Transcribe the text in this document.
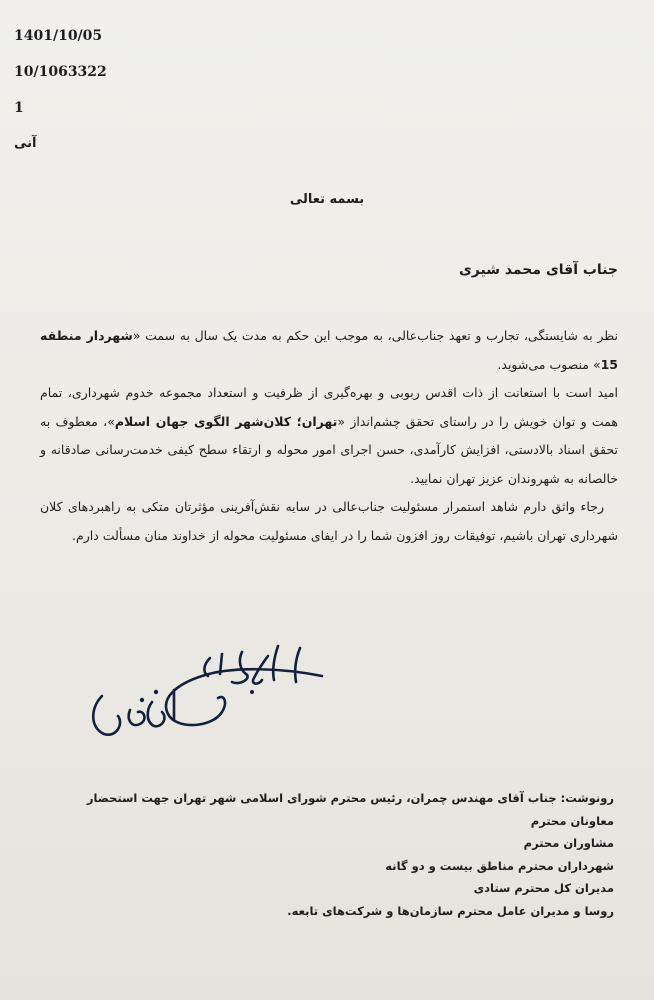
1401/10/05
10/1063322
1
آنی
بسمه تعالی
جناب آقای محمد شیری

نظر به شایستگی، تجارب و تعهد جناب‌عالی، به موجب این حکم به مدت یک سال به سمت «شهردار منطقه 15» منصوب می‌شوید.

امید است با استعانت از ذات اقدس ربوبی و بهره‌گیری از ظرفیت و استعداد مجموعه خدوم شهرداری، تمام همت و توان خویش را در راستای تحقق چشم‌انداز «تهران؛ کلان‌شهر الگوی جهان اسلام»، معطوف به تحقق اسناد بالادستی، افزایش کارآمدی، حسن اجرای امور محوله و ارتقاء سطح کیفی خدمت‌رسانی صادقانه و خالصانه به شهروندان عزیز تهران نمایید.

رجاء واثق دارم شاهد استمرار مسئولیت جناب‌عالی در سایه نقش‌آفرینی مؤثرتان متکی به راهبردهای کلان شهرداری تهران باشیم، توفیقات روز افزون شما را در ایفای مسئولیت محوله از خداوند منان مسألت دارم.

رونوشت: جناب آقای مهندس چمران، رئیس محترم شورای اسلامی شهر تهران جهت استحضار
معاونان محترم
مشاوران محترم
شهرداران محترم مناطق بیست و دو گانه
مدیران کل محترم ستادی
روسا و مدیران عامل محترم سازمان‌ها و شرکت‌های تابعه.
